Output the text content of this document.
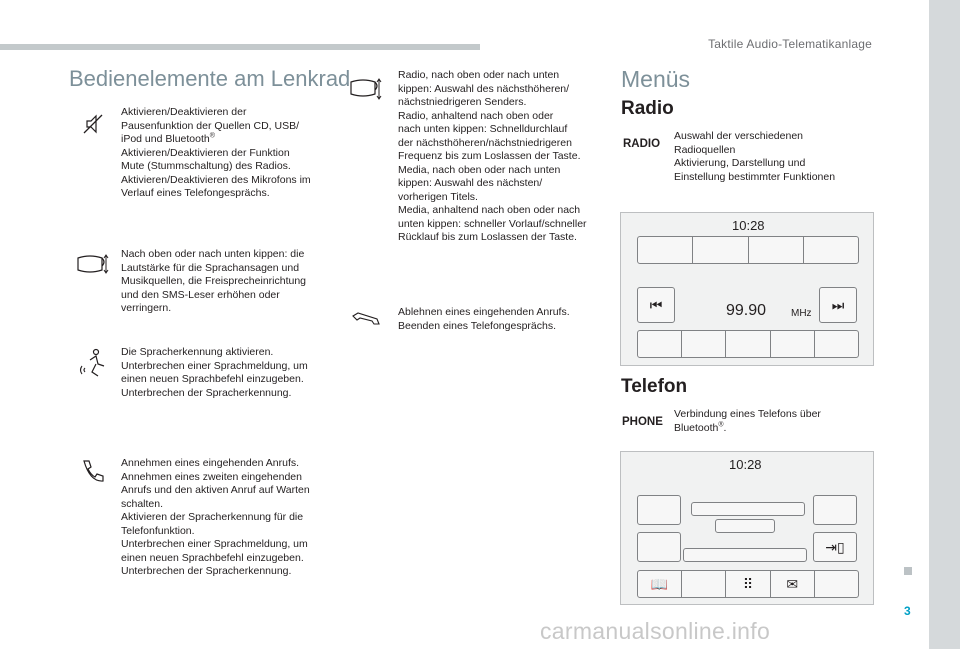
Taktile Audio-Telematikanlage
3
carmanualsonline.info
Bedienelemente am Lenkrad
Aktivieren/Deaktivieren der
Pausenfunktion der Quellen CD, USB/
iPod und Bluetooth®
Aktivieren/Deaktivieren der Funktion
Mute (Stummschaltung) des Radios.
Aktivieren/Deaktivieren des Mikrofons im
Verlauf eines Telefongesprächs.
Nach oben oder nach unten kippen: die
Lautstärke für die Sprachansagen und
Musikquellen, die Freisprecheinrichtung
und den SMS-Leser erhöhen oder
verringern.
Die Spracherkennung aktivieren.
Unterbrechen einer Sprachmeldung, um
einen neuen Sprachbefehl einzugeben.
Unterbrechen der Spracherkennung.
Annehmen eines eingehenden Anrufs.
Annehmen eines zweiten eingehenden
Anrufs und den aktiven Anruf auf Warten
schalten.
Aktivieren der Spracherkennung für die
Telefonfunktion.
Unterbrechen einer Sprachmeldung, um
einen neuen Sprachbefehl einzugeben.
Unterbrechen der Spracherkennung.
Radio, nach oben oder nach unten
kippen: Auswahl des nächsthöheren/
nächstniedrigeren Senders.
Radio, anhaltend nach oben oder
nach unten kippen: Schnelldurchlauf
der nächsthöheren/nächstniedrigeren
Frequenz bis zum Loslassen der Taste.
Media, nach oben oder nach unten
kippen: Auswahl des nächsten/
vorherigen Titels.
Media, anhaltend nach oben oder nach
unten kippen: schneller Vorlauf/schneller
Rücklauf bis zum Loslassen der Taste.
Ablehnen eines eingehenden Anrufs.
Beenden eines Telefongesprächs.
Menüs
Radio
RADIO
Auswahl der verschiedenen
Radioquellen
Aktivierung, Darstellung und
Einstellung bestimmter Funktionen
10:28
⏮	99.90 MHz
⏭
Telefon
PHONE
Verbindung eines Telefons über
Bluetooth®.
10:28
⇥▯
📖	⠿ ✉
